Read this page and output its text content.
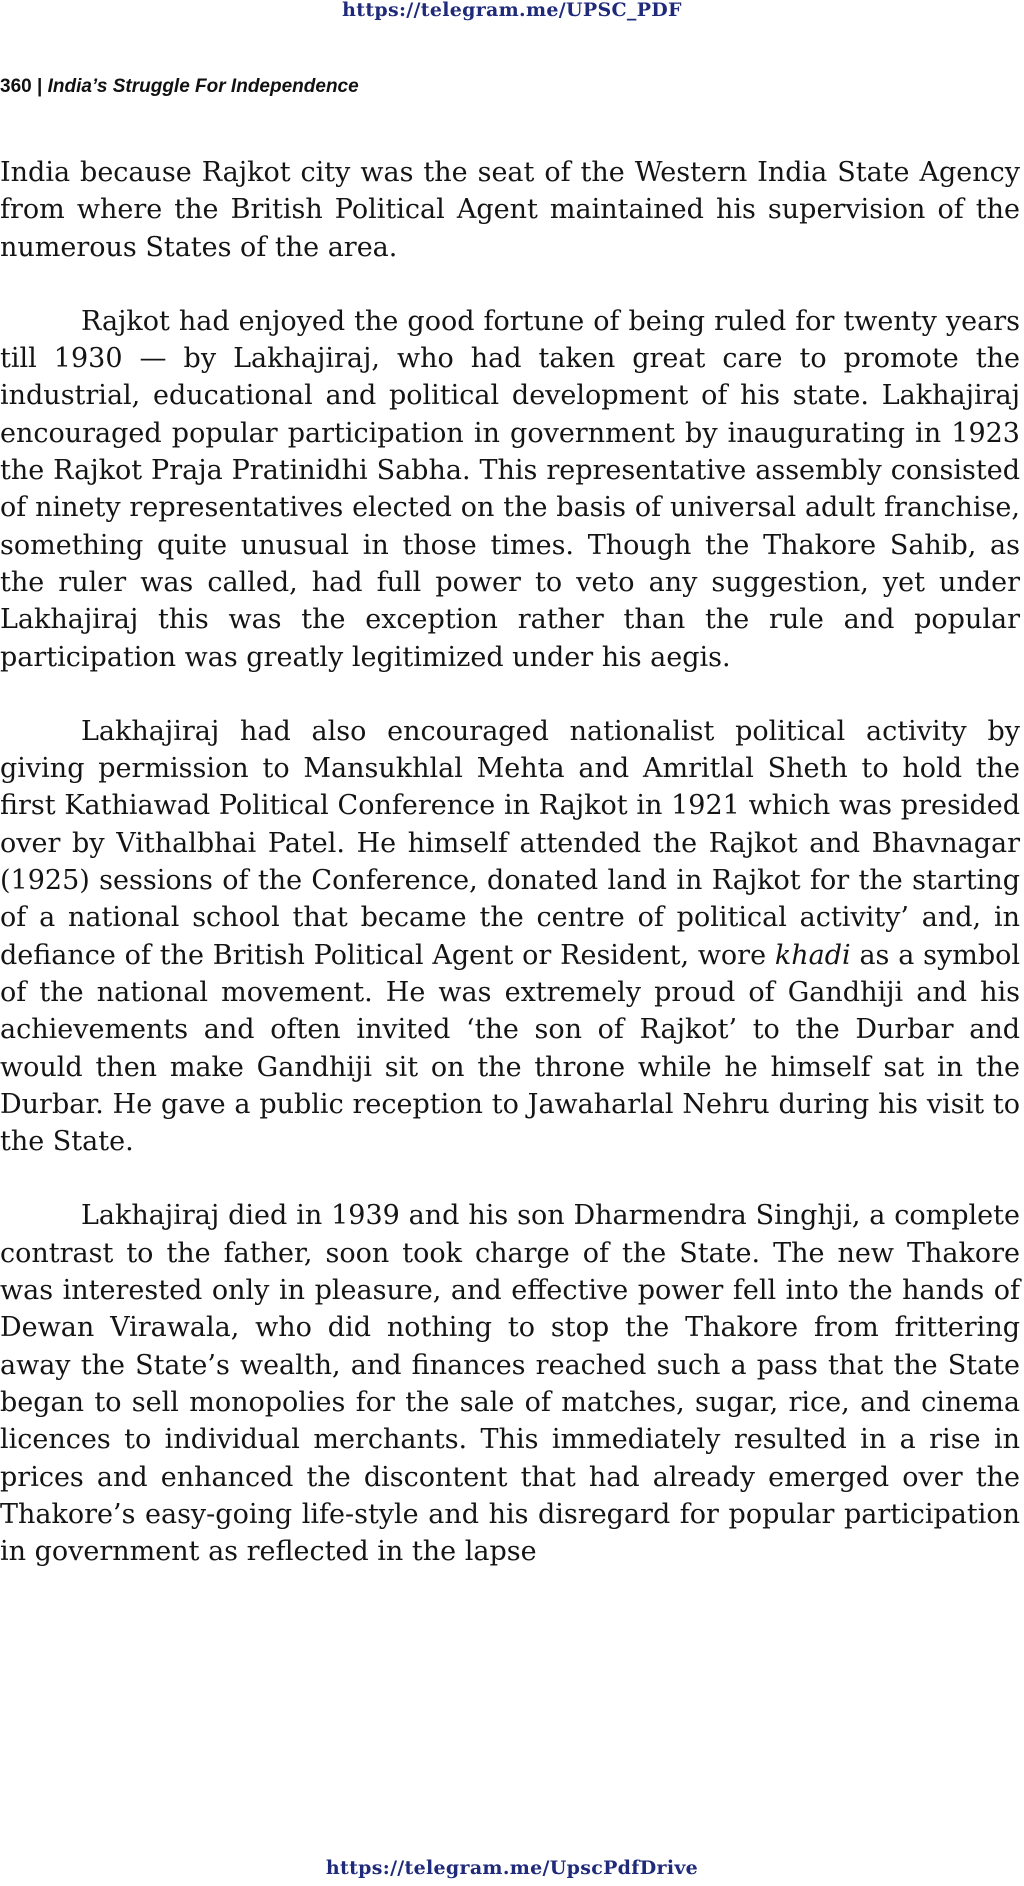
https://telegram.me/UPSC_PDF
360 | India’s Struggle For Independence

India because Rajkot city was the seat of the Western India State Agency from where the British Political Agent maintained his supervision of the numerous States of the area.

Rajkot had enjoyed the good fortune of being ruled for twenty years till 1930 — by Lakhajiraj, who had taken great care to promote the industrial, educational and political development of his state. Lakhajiraj encouraged popular participation in government by inaugurating in 1923 the Rajkot Praja Pratinidhi Sabha. This representative assembly consisted of ninety representatives elected on the basis of universal adult franchise, something quite unusual in those times. Though the Thakore Sahib, as the ruler was called, had full power to veto any suggestion, yet under Lakhajiraj this was the exception rather than the rule and popular participation was greatly legitimized under his aegis.

Lakhajiraj had also encouraged nationalist political activity by giving permission to Mansukhlal Mehta and Amritlal Sheth to hold the first Kathiawad Political Conference in Rajkot in 1921 which was presided over by Vithalbhai Patel. He himself attended the Rajkot and Bhavnagar (1925) sessions of the Conference, donated land in Rajkot for the starting of a national school that became the centre of political activity’ and, in defiance of the British Political Agent or Resident, wore khadi as a symbol of the national movement. He was extremely proud of Gandhiji and his achievements and often invited ‘the son of Rajkot’ to the Durbar and would then make Gandhiji sit on the throne while he himself sat in the Durbar. He gave a public reception to Jawaharlal Nehru during his visit to the State.

Lakhajiraj died in 1939 and his son Dharmendra Singhji, a complete contrast to the father, soon took charge of the State. The new Thakore was interested only in pleasure, and effective power fell into the hands of Dewan Virawala, who did nothing to stop the Thakore from frittering away the State’s wealth, and finances reached such a pass that the State began to sell monopolies for the sale of matches, sugar, rice, and cinema licences to individual merchants. This immediately resulted in a rise in prices and enhanced the discontent that had already emerged over the Thakore’s easy-going life-style and his disregard for popular participation in government as reflected in the lapse

https://telegram.me/UpscPdfDrive
